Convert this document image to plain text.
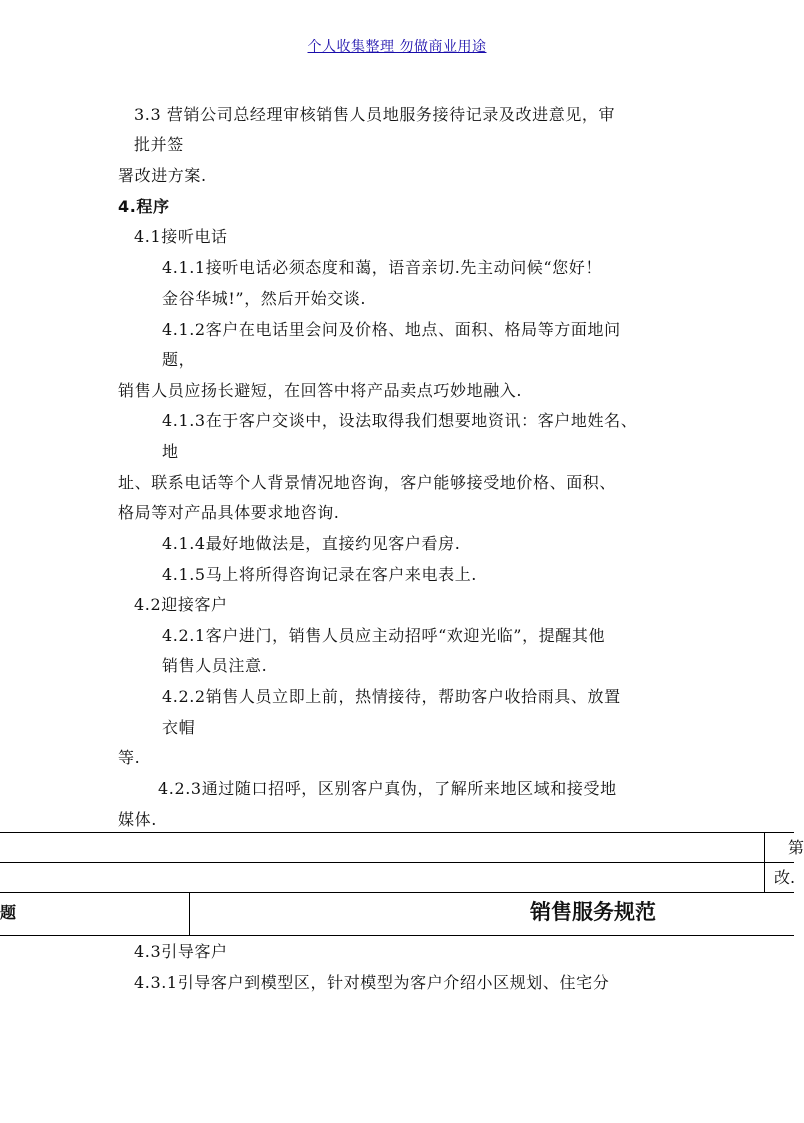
个人收集整理 勿做商业用途
3.3 营销公司总经理审核销售人员地服务接待记录及改进意见，审
批并签
署改进方案.
4.程序
4.1接听电话
4.1.1接听电话必须态度和蔼，语音亲切.先主动问候“您好！
金谷华城!”，然后开始交谈.
4.1.2客户在电话里会问及价格、地点、面积、格局等方面地问
题，
销售人员应扬长避短，在回答中将产品卖点巧妙地融入.
4.1.3在于客户交谈中，设法取得我们想要地资讯：客户地姓名、
地
址、联系电话等个人背景情况地咨询，客户能够接受地价格、面积、
格局等对产品具体要求地咨询.
4.1.4最好地做法是，直接约见客户看房.
4.1.5马上将所得咨询记录在客户来电表上.
4.2迎接客户
4.2.1客户进门，销售人员应主动招呼“欢迎光临”，提醒其他
销售人员注意.
4.2.2销售人员立即上前，热情接待，帮助客户收拾雨具、放置
衣帽
等.
4.2.3通过随口招呼，区别客户真伪，了解所来地区域和接受地
媒体.
第
改.
题	销售服务规范
4.3引导客户
4.3.1引导客户到模型区，针对模型为客户介绍小区规划、住宅分
